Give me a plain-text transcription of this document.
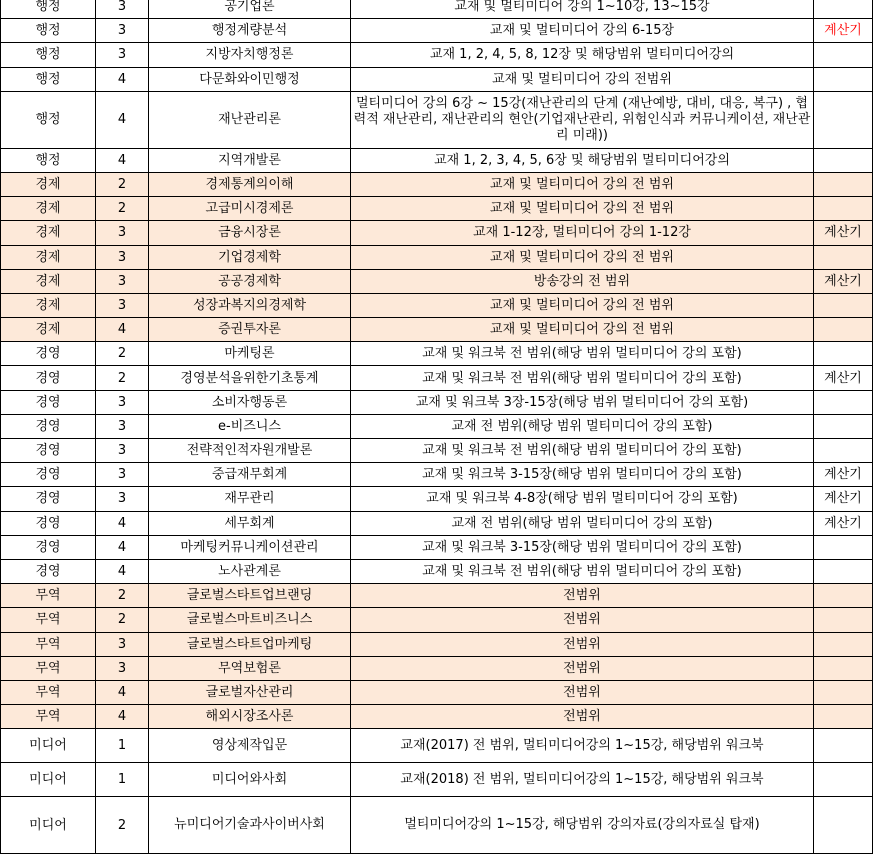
행정	3	공기업론	교재 및 멀티미디어 강의 1~10강, 13~15강	
행정	3	행정계량분석	교재 및 멀티미디어 강의 6-15장	계산기
행정	3	지방자치행정론	교재 1, 2, 4, 5, 8, 12장 및 해당범위 멀티미디어강의	
행정	4	다문화와이민행정	교재 및 멀티미디어 강의 전범위	
행정	4	재난관리론	멀티미디어 강의 6강 ~ 15강(재난관리의 단계 (재난예방, 대비, 대응, 복구) , 협력적 재난관리, 재난관리의 현안(기업재난관리, 위험인식과 커뮤니케이션, 재난관리 미래))	
행정	4	지역개발론	교재 1, 2, 3, 4, 5, 6장 및 해당범위 멀티미디어강의	
경제	2	경제통계의이해	교재 및 멀티미디어 강의 전 범위	
경제	2	고급미시경제론	교재 및 멀티미디어 강의 전 범위	
경제	3	금융시장론	교재 1-12장, 멀티미디어 강의 1-12강	계산기
경제	3	기업경제학	교재 및 멀티미디어 강의 전 범위	
경제	3	공공경제학	방송강의 전 범위	계산기
경제	3	성장과복지의경제학	교재 및 멀티미디어 강의 전 범위	
경제	4	증권투자론	교재 및 멀티미디어 강의 전 범위	
경영	2	마케팅론	교재 및 워크북 전 범위(해당 범위 멀티미디어 강의 포함)	
경영	2	경영분석을위한기초통계	교재 및 워크북 전 범위(해당 범위 멀티미디어 강의 포함)	계산기
경영	3	소비자행동론	교재 및 워크북 3장-15장(해당 범위 멀티미디어 강의 포함)	
경영	3	e-비즈니스	교재 전 범위(해당 범위 멀티미디어 강의 포함)	
경영	3	전략적인적자원개발론	교재 및 워크북 전 범위(해당 범위 멀티미디어 강의 포함)	
경영	3	중급재무회계	교재 및 워크북 3-15장(해당 범위 멀티미디어 강의 포함)	계산기
경영	3	재무관리	교재 및 워크북 4-8장(해당 범위 멀티미디어 강의 포함)	계산기
경영	4	세무회계	교재 전 범위(해당 범위 멀티미디어 강의 포함)	계산기
경영	4	마케팅커뮤니케이션관리	교재 및 워크북 3-15장(해당 범위 멀티미디어 강의 포함)	
경영	4	노사관계론	교재 및 워크북 전 범위(해당 범위 멀티미디어 강의 포함)	
무역	2	글로벌스타트업브랜딩	전범위	
무역	2	글로벌스마트비즈니스	전범위	
무역	3	글로벌스타트업마케팅	전범위	
무역	3	무역보험론	전범위	
무역	4	글로벌자산관리	전범위	
무역	4	해외시장조사론	전범위	
미디어	1	영상제작입문	교재(2017) 전 범위, 멀티미디어강의 1~15강, 해당범위 워크북	
미디어	1	미디어와사회	교재(2018) 전 범위, 멀티미디어강의 1~15강, 해당범위 워크북	
미디어	2	뉴미디어기술과사이버사회	멀티미디어강의 1~15강, 해당범위 강의자료(강의자료실 탑재)	
